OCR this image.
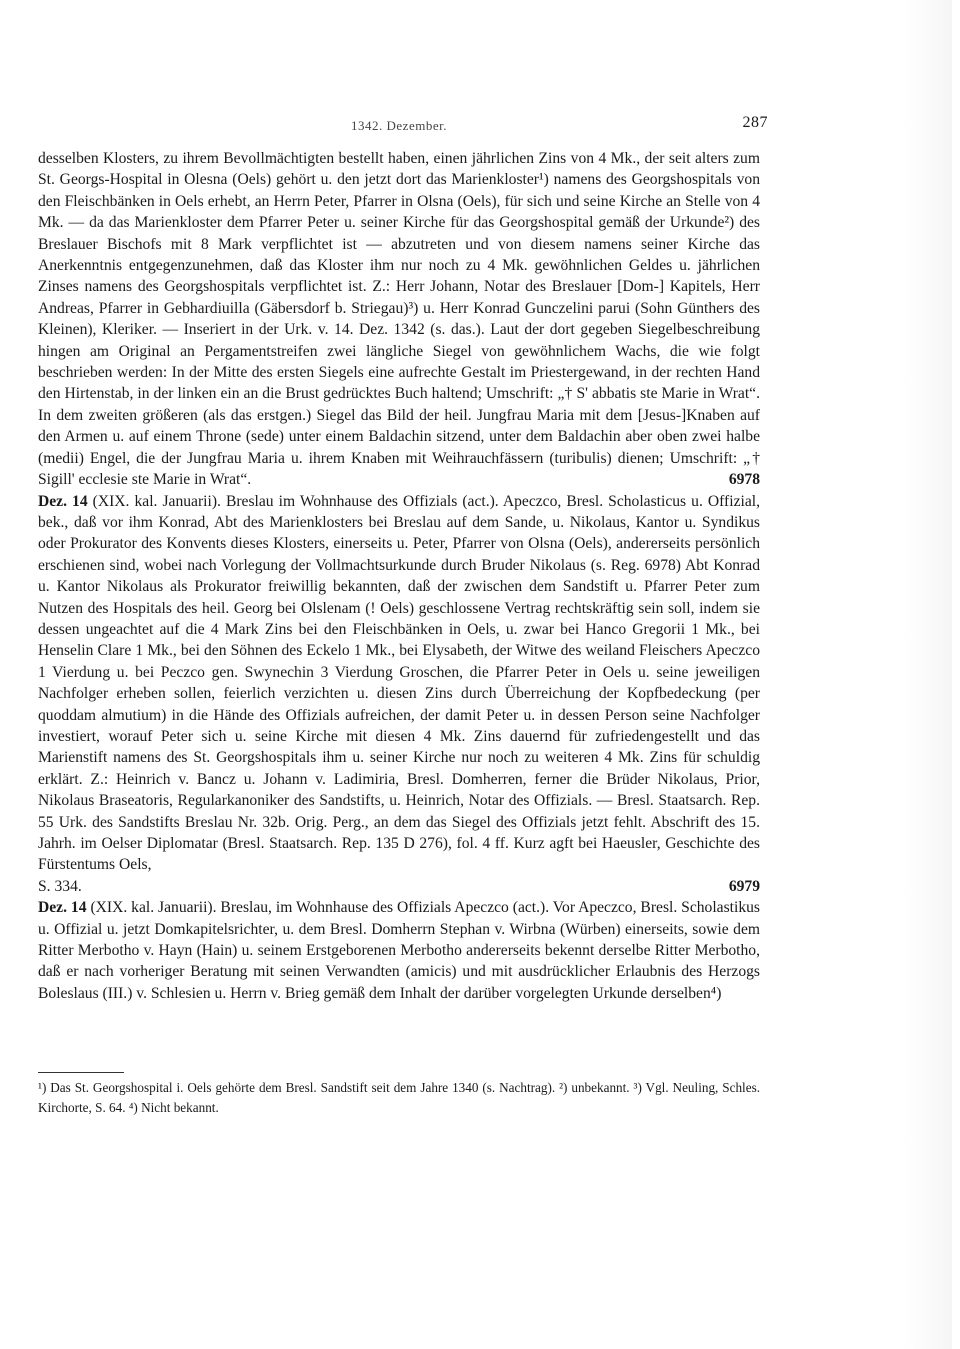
1342. Dezember.	287

desselben Klosters, zu ihrem Bevollmächtigten bestellt haben, einen jährlichen Zins von 4 Mk., der seit alters zum St. Georgs-Hospital in Olesna (Oels) gehört u. den jetzt dort das Marienkloster¹) namens des Georgshospitals von den Fleischbänken in Oels erhebt, an Herrn Peter, Pfarrer in Olsna (Oels), für sich und seine Kirche an Stelle von 4 Mk. — da das Marienkloster dem Pfarrer Peter u. seiner Kirche für das Georgshospital gemäß der Urkunde²) des Breslauer Bischofs mit 8 Mark verpflichtet ist — abzutreten und von diesem namens seiner Kirche das Anerkenntnis entgegenzunehmen, daß das Kloster ihm nur noch zu 4 Mk. gewöhnlichen Geldes u. jährlichen Zinses namens des Georgshospitals verpflichtet ist. Z.: Herr Johann, Notar des Breslauer [Dom-] Kapitels, Herr Andreas, Pfarrer in Gebhardiuilla (Gäbersdorf b. Striegau)³) u. Herr Konrad Gunczelini parui (Sohn Günthers des Kleinen), Kleriker. — Inseriert in der Urk. v. 14. Dez. 1342 (s. das.). Laut der dort gegeben Siegelbeschreibung hingen am Original an Pergamentstreifen zwei längliche Siegel von gewöhnlichem Wachs, die wie folgt beschrieben werden: In der Mitte des ersten Siegels eine aufrechte Gestalt im Priestergewand, in der rechten Hand den Hirtenstab, in der linken ein an die Brust gedrücktes Buch haltend; Umschrift: „† S' abbatis ste Marie in Wrat“. In dem zweiten größeren (als das erstgen.) Siegel das Bild der heil. Jungfrau Maria mit dem [Jesus-]Knaben auf den Armen u. auf einem Throne (sede) unter einem Baldachin sitzend, unter dem Baldachin aber oben zwei halbe (medii) Engel, die der Jungfrau Maria u. ihrem Knaben mit Weihrauchfässern (turibulis) dienen; Umschrift: „† Sigill' ecclesie ste Marie in Wrat“.	6978

Dez. 14 (XIX. kal. Januarii). Breslau im Wohnhause des Offizials (act.). Apeczco, Bresl. Scholasticus u. Offizial, bek., daß vor ihm Konrad, Abt des Marienklosters bei Breslau auf dem Sande, u. Nikolaus, Kantor u. Syndikus oder Prokurator des Konvents dieses Klosters, einerseits u. Peter, Pfarrer von Olsna (Oels), andererseits persönlich erschienen sind, wobei nach Vorlegung der Vollmachtsurkunde durch Bruder Nikolaus (s. Reg. 6978) Abt Konrad u. Kantor Nikolaus als Prokurator freiwillig bekannten, daß der zwischen dem Sandstift u. Pfarrer Peter zum Nutzen des Hospitals des heil. Georg bei Olslenam (! Oels) geschlossene Vertrag rechtskräftig sein soll, indem sie dessen ungeachtet auf die 4 Mark Zins bei den Fleischbänken in Oels, u. zwar bei Hanco Gregorii 1 Mk., bei Henselin Clare 1 Mk., bei den Söhnen des Eckelo 1 Mk., bei Elysabeth, der Witwe des weiland Fleischers Apeczco 1 Vierdung u. bei Peczco gen. Swynechin 3 Vierdung Groschen, die Pfarrer Peter in Oels u. seine jeweiligen Nachfolger erheben sollen, feierlich verzichten u. diesen Zins durch Überreichung der Kopfbedeckung (per quoddam almutium) in die Hände des Offizials aufreichen, der damit Peter u. in dessen Person seine Nachfolger investiert, worauf Peter sich u. seine Kirche mit diesen 4 Mk. Zins dauernd für zufriedengestellt und das Marienstift namens des St. Georgshospitals ihm u. seiner Kirche nur noch zu weiteren 4 Mk. Zins für schuldig erklärt. Z.: Heinrich v. Bancz u. Johann v. Ladimiria, Bresl. Domherren, ferner die Brüder Nikolaus, Prior, Nikolaus Braseatoris, Regularkanoniker des Sandstifts, u. Heinrich, Notar des Offizials. — Bresl. Staatsarch. Rep. 55 Urk. des Sandstifts Breslau Nr. 32b. Orig. Perg., an dem das Siegel des Offizials jetzt fehlt. Abschrift des 15. Jahrh. im Oelser Diplomatar (Bresl. Staatsarch. Rep. 135 D 276), fol. 4 ff. Kurz agft bei Haeusler, Geschichte des Fürstentums Oels,

S. 334.	6979

Dez. 14 (XIX. kal. Januarii). Breslau, im Wohnhause des Offizials Apeczco (act.). Vor Apeczco, Bresl. Scholastikus u. Offizial u. jetzt Domkapitelsrichter, u. dem Bresl. Domherrn Stephan v. Wirbna (Würben) einerseits, sowie dem Ritter Merbotho v. Hayn (Hain) u. seinem Erstgeborenen Merbotho andererseits bekennt derselbe Ritter Merbotho, daß er nach vorheriger Beratung mit seinen Verwandten (amicis) und mit ausdrücklicher Erlaubnis des Herzogs Boleslaus (III.) v. Schlesien u. Herrn v. Brieg gemäß dem Inhalt der darüber vorgelegten Urkunde derselben⁴)

¹) Das St. Georgshospital i. Oels gehörte dem Bresl. Sandstift seit dem Jahre 1340 (s. Nachtrag). ²) unbekannt. ³) Vgl. Neuling, Schles. Kirchorte, S. 64. ⁴) Nicht bekannt.
